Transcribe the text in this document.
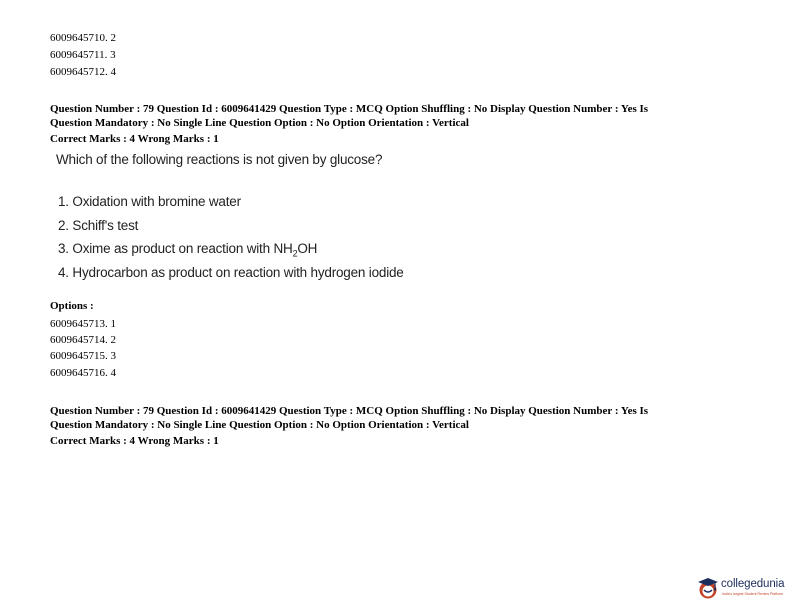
6009645710. 2
6009645711. 3
6009645712. 4
Question Number : 79 Question Id : 6009641429 Question Type : MCQ Option Shuffling : No Display Question Number : Yes Is
Question Mandatory : No Single Line Question Option : No Option Orientation : Vertical
Correct Marks : 4 Wrong Marks : 1
Which of the following reactions is not given by glucose?
1. Oxidation with bromine water
2. Schiff's test
3. Oxime as product on reaction with $NH_2OH$
4. Hydrocarbon as product on reaction with hydrogen iodide
Options :
6009645713. 1
6009645714. 2
6009645715. 3
6009645716. 4
Question Number : 79 Question Id : 6009641429 Question Type : MCQ Option Shuffling : No Display Question Number : Yes Is
Question Mandatory : No Single Line Question Option : No Option Orientation : Vertical
Correct Marks : 4 Wrong Marks : 1
collegedunia
India's largest Student Review Platform
